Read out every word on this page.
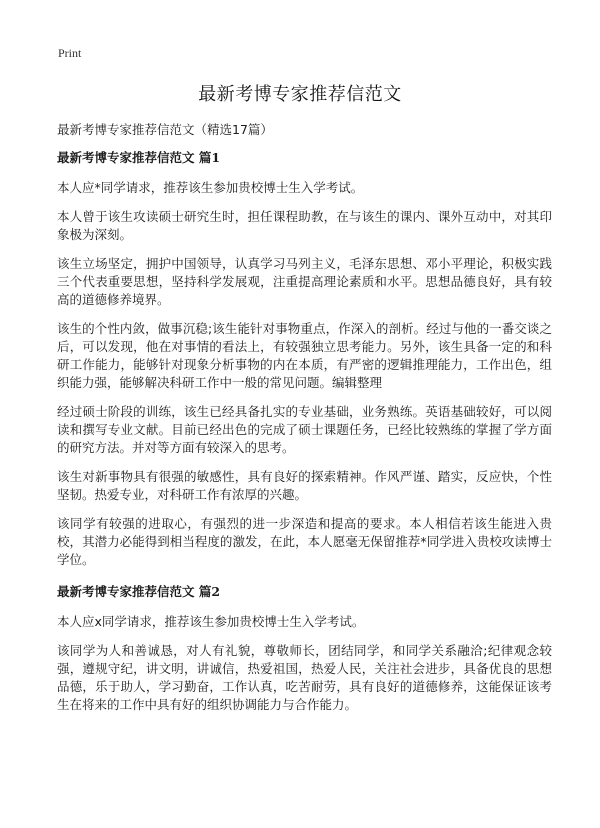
Print
最新考博专家推荐信范文
最新考博专家推荐信范文（精选17篇）
最新考博专家推荐信范文 篇1
本人应*同学请求，推荐该生参加贵校博士生入学考试。
本人曾于该生攻读硕士研究生时，担任课程助教，在与该生的课内、课外互动中，对其印象极为深刻。
该生立场坚定，拥护中国领导，认真学习马列主义，毛泽东思想、邓小平理论，积极实践三个代表重要思想，坚持科学发展观，注重提高理论素质和水平。思想品德良好，具有较高的道德修养境界。
该生的个性内敛，做事沉稳;该生能针对事物重点，作深入的剖析。经过与他的一番交谈之后，可以发现，他在对事情的看法上，有较强独立思考能力。另外，该生具备一定的和科研工作能力，能够针对现象分析事物的内在本质，有严密的逻辑推理能力，工作出色，组织能力强，能够解决科研工作中一般的常见问题。编辑整理
经过硕士阶段的训练，该生已经具备扎实的专业基础，业务熟练。英语基础较好，可以阅读和撰写专业文献。目前已经出色的完成了硕士课题任务，已经比较熟练的掌握了学方面的研究方法。并对等方面有较深入的思考。
该生对新事物具有很强的敏感性，具有良好的探索精神。作风严谨、踏实，反应快，个性坚韧。热爱专业，对科研工作有浓厚的兴趣。
该同学有较强的进取心，有强烈的进一步深造和提高的要求。本人相信若该生能进入贵校，其潜力必能得到相当程度的激发，在此，本人愿毫无保留推荐*同学进入贵校攻读博士学位。
最新考博专家推荐信范文 篇2
本人应x同学请求，推荐该生参加贵校博士生入学考试。
该同学为人和善诚恳，对人有礼貌，尊敬师长，团结同学，和同学关系融洽;纪律观念较强，遵规守纪，讲文明，讲诚信，热爱祖国，热爱人民，关注社会进步，具备优良的思想品德，乐于助人，学习勤奋，工作认真，吃苦耐劳，具有良好的道德修养，这能保证该考生在将来的工作中具有好的组织协调能力与合作能力。
